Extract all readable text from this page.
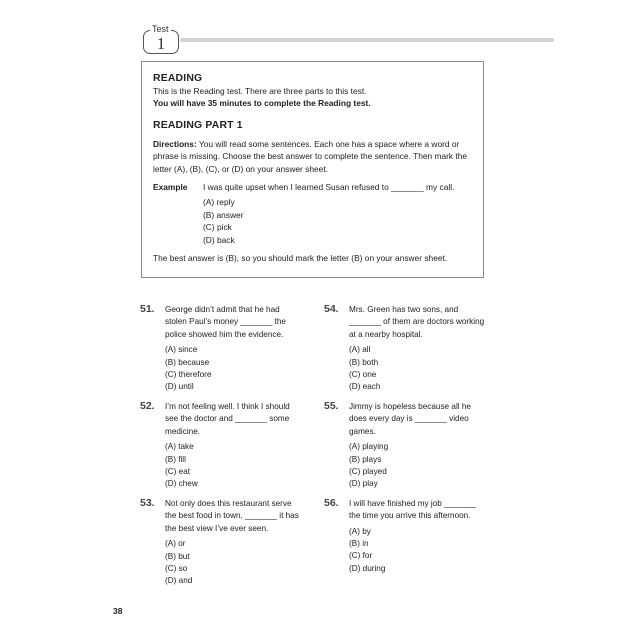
Test
1
READING

This is the Reading test. There are three parts to this test.

You will have 35 minutes to complete the Reading test.

READING PART 1

Directions: You will read some sentences. Each one has a space where a word or phrase is missing. Choose the best answer to complete the sentence. Then mark the letter (A), (B), (C), or (D) on your answer sheet.

Example	I was quite upset when I learned Susan refused to _______ my call.
(A) reply
(B) answer
(C) pick
(D) back

The best answer is (B), so you should mark the letter (B) on your answer sheet.

51. George didn’t admit that he had stolen Paul’s money _______ the police showed him the evidence.
(A) since
(B) because
(C) therefore
(D) until
52. I’m not feeling well. I think I should see the doctor and _______ some medicine.
(A) take
(B) fill
(C) eat
(D) chew
53. Not only does this restaurant serve the best food in town, _______ it has the best view I’ve ever seen.
(A) or
(B) but
(C) so
(D) and
54. Mrs. Green has two sons, and _______ of them are doctors working at a nearby hospital.
(A) all
(B) both
(C) one
(D) each
55. Jimmy is hopeless because all he does every day is _______ video games.
(A) playing
(B) plays
(C) played
(D) play
56. I will have finished my job _______ the time you arrive this afternoon.
(A) by
(B) in
(C) for
(D) during
38
